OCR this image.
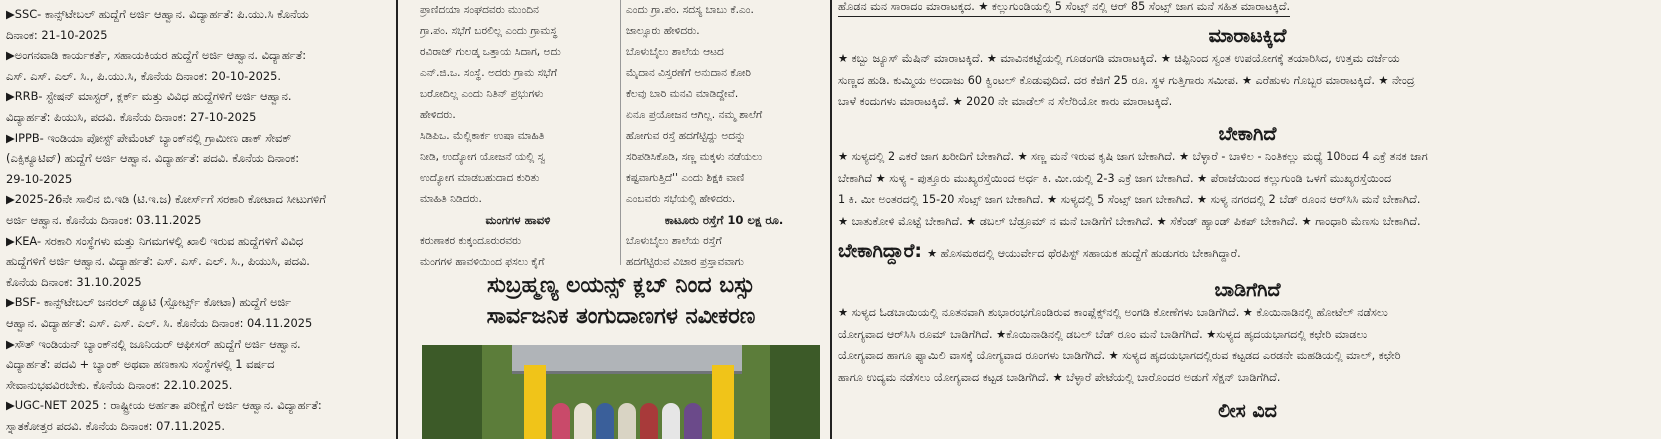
▶SSC- ಕಾನ್ಸ್‌ಟೇಬಲ್ ಹುದ್ದೆಗೆ ಅರ್ಜಿ ಆಹ್ವಾನ. ವಿದ್ಯಾರ್ಹತೆ: ಪಿ.ಯು.ಸಿ ಕೊನೆಯ
ದಿನಾಂಕ: 21-10-2025
▶ಅಂಗನವಾಡಿ ಕಾರ್ಯಕರ್ತೆ, ಸಹಾಯಕಿಯರ ಹುದ್ದೆಗೆ ಅರ್ಜಿ ಆಹ್ವಾನ. ವಿದ್ಯಾರ್ಹತೆ:
ಎಸ್. ಎಸ್. ಎಲ್. ಸಿ., ಪಿ.ಯು.ಸಿ, ಕೊನೆಯ ದಿನಾಂಕ: 20-10-2025.
▶RRB- ಸ್ಟೇಷನ್ ಮಾಸ್ಟರ್, ಕ್ಲರ್ಕ್ ಮತ್ತು ವಿವಿಧ ಹುದ್ದೆಗಳಿಗೆ ಅರ್ಜಿ ಆಹ್ವಾನ.
ವಿದ್ಯಾರ್ಹತೆ: ಪಿಯುಸಿ, ಪದವಿ. ಕೊನೆಯ ದಿನಾಂಕ: 27-10-2025
▶IPPB- ಇಂಡಿಯಾ ಪೋಸ್ಟ್ ಪೇಮೆಂಟ್ ಬ್ಯಾಂಕ್‌ನಲ್ಲಿ ಗ್ರಾಮೀಣ ಡಾಕ್ ಸೇವಕ್
(ಎಕ್ಸಿಕ್ಯೂಟಿವ್) ಹುದ್ದೆಗೆ ಅರ್ಜಿ ಆಹ್ವಾನ. ವಿದ್ಯಾರ್ಹತೆ: ಪದವಿ. ಕೊನೆಯ ದಿನಾಂಕ:
29-10-2025
▶2025-26ನೇ ಸಾಲಿನ ಬಿ.ಇಡಿ (ಟಿ.ಇ.ಜ) ಕೋರ್ಸ್‌ಗೆ ಸರಕಾರಿ ಕೋಟಾದ ಸೀಟುಗಳಿಗೆ
ಅರ್ಜಿ ಆಹ್ವಾನ. ಕೊನೆಯ ದಿನಾಂಕ: 03.11.2025
▶KEA- ಸರಕಾರಿ ಸಂಸ್ಥೆಗಳು ಮತ್ತು ನಿಗಮಗಳಲ್ಲಿ ಖಾಲಿ ಇರುವ ಹುದ್ದೆಗಳಿಗೆ ವಿವಿಧ
ಹುದ್ದೆಗಳಿಗೆ ಅರ್ಜಿ ಆಹ್ವಾನ. ವಿದ್ಯಾರ್ಹತೆ: ಎಸ್. ಎಸ್. ಎಲ್. ಸಿ., ಪಿಯುಸಿ, ಪದವಿ.
ಕೊನೆಯ ದಿನಾಂಕ: 31.10.2025
▶BSF- ಕಾನ್ಸ್‌ಟೇಬಲ್ ಜನರಲ್ ಡ್ಯೂಟಿ (ಸ್ಪೋರ್ಟ್ಸ್ ಕೋಟಾ) ಹುದ್ದೆಗೆ ಅರ್ಜಿ
ಆಹ್ವಾನ. ವಿದ್ಯಾರ್ಹತೆ: ಎಸ್. ಎಸ್. ಎಲ್. ಸಿ. ಕೊನೆಯ ದಿನಾಂಕ: 04.11.2025
▶ಸೌತ್ ಇಂಡಿಯನ್ ಬ್ಯಾಂಕ್‌ನಲ್ಲಿ ಜೂನಿಯರ್ ಆಫೀಸರ್ ಹುದ್ದೆಗೆ ಅರ್ಜಿ ಆಹ್ವಾನ.
ವಿದ್ಯಾರ್ಹತೆ: ಪದವಿ + ಬ್ಯಾಂಕ್ ಅಥವಾ ಹಣಕಾಸು ಸಂಸ್ಥೆಗಳಲ್ಲಿ 1 ವರ್ಷದ
ಸೇವಾನುಭವವಿರಬೇಕು. ಕೊನೆಯ ದಿನಾಂಕ: 22.10.2025.
▶UGC-NET 2025 : ರಾಷ್ಟ್ರೀಯ ಅರ್ಹತಾ ಪರೀಕ್ಷೆಗೆ ಅರ್ಜಿ ಆಹ್ವಾನ. ವಿದ್ಯಾರ್ಹತೆ:
ಸ್ನಾತಕೋತ್ತರ ಪದವಿ. ಕೊನೆಯ ದಿನಾಂಕ: 07.11.2025.

ಪ್ರಾಣಿದಯಾ ಸಂಘದವರು ಮುಂದಿನ

ಗ್ರಾ.ಪಂ. ಸಭೆಗೆ ಬರಲಿಲ್ಲ ಎಂದು ಗ್ರಾಮಸ್ಥ

ರವಿರಾಜ್ ಗುಲಡ್ಕ ಒತ್ತಾಯ ಸಿದಾಗ, ಅದು

ಎನ್.ಜಿ.ಒ. ಸಂಸ್ಥೆ. ಅದರು ಗ್ರಾಮ ಸಭೆಗೆ

ಬರೋದಿಲ್ಲ ಎಂದು ನಿತಿನ್ ಪ್ರಭುಗಳು

ಹೇಳಿದರು.

ಸಿಡಿಪಿಒ. ಮೆಲ್ಲಿಕಾರ್ಕ ಉಷಾ ಮಾಹಿತಿ

ನೀಡಿ, ಉದ್ಯೋಗ ಯೋಜನೆ ಯಲ್ಲಿ ಸ್ವ

ಉದ್ಯೋಗ ಮಾಡಬಹುದಾದ ಕುರಿತು

ಮಾಹಿತಿ ನಿಡಿದರು.

ಮಂಗಗಳ ಹಾವಳಿ

ಕರುಣಾಕರ ಕುಕ್ಕಂದೂರುರವರು

ಮಂಗಗಳ ಹಾವಳಿಯಿಂದ ಫಸಲು ಕೈಗೆ

ಎಂದು ಗ್ರಾ.ಪಂ. ಸದಸ್ಯ ಬಾಬು ಕೆ.ಎಂ.

ಜಾಲ್ಸೂರು ಹೇಳಿದರು.

ಬೊಳುಬೈಲು ಶಾಲೆಯ ಆಟದ

ಮೈದಾನ ವಿಸ್ತರಣೆಗೆ ಅನುದಾನ ಕೋರಿ

ಕೆಲವು ಬಾರಿ ಮನವಿ ಮಾಡಿದ್ದೇವೆ.

ಏನೂ ಪ್ರಯೋಜನ ಆಗಿಲ್ಲ. ನಮ್ಮ ಶಾಲೆಗೆ

ಹೋಗುವ ರಸ್ತೆ ಹದಗೆಟ್ಟಿದ್ದು ಅದನ್ನು

ಸರಿಪಡಿಸಿಕೊಡಿ, ಸಣ್ಣ ಮಕ್ಕಳು ನಡೆಯಲು

ಕಷ್ಟವಾಗುತ್ತಿದೆ'' ಎಂದು ಶಿಕ್ಷಕಿ ವಾಣಿ

ಎಂಬವರು ಸಭೆಯಲ್ಲಿ ಹೇಳಿದರು.

ಕಾಟೂರು ರಸ್ತೆಗೆ 10 ಲಕ್ಷ ರೂ.

ಬೊಳುಬೈಲು ಶಾಲೆಯ ರಸ್ತೆಗೆ

ಹದಗೆಟ್ಟಿರುವ ವಿಚಾರ ಪ್ರಸ್ತಾವವಾಗು

ಸುಬ್ರಹ್ಮಣ್ಯ ಲಯನ್ಸ್ ಕ್ಲಬ್ ನಿಂದ ಬಸ್ಸು
ಸಾರ್ವಜನಿಕ ತಂಗುದಾಣಗಳ ನವೀಕರಣ
ಹೊಡನ ಮನ ಸಾರಾದಂ ಮಾರಾಟಕ್ಕದ. ★ ಕಲ್ಲುಗುಂಡಿಯಲ್ಲಿ 5 ಸೆಂಟ್ಸ್ ನಲ್ಲಿ ಆರ್ 85 ಸೆಂಟ್ಸ್ ಜಾಗ ಮನೆ ಸಹಿತ ಮಾರಾಟಕ್ಕಿದೆ.
ಮಾರಾಟಕ್ಕಿದೆ

★ ಕಬ್ಬು ಜ್ಯೂಸ್ ಮೆಷಿನ್ ಮಾರಾಟಕ್ಕಿದೆ. ★ ಮಾವಿನಕಟ್ಟೆಯಲ್ಲಿ ಗೂಡಂಗಡಿ ಮಾರಾಟಕ್ಕಿದೆ. ★ ಚಿಪ್ಪಿನಿಂದ ಸ್ವಂತ ಉಪಯೋಗಕ್ಕೆ ತಯಾರಿಸಿದ, ಉತ್ತಮ ದರ್ಜೆಯ

ಸುಣ್ಣದ ಹುಡಿ. ಕುಮ್ಮಿಯ ಅಂದಾಜು 60 ಕ್ವಿಂಟಲ್ ಕೊಡುವುದಿದೆ. ದರ ಕೆಜಿಗೆ 25 ರೂ. ಸ್ಥಳ ಗುತ್ತಿಗಾರು ಸಮೀಪ. ★ ಎರೆಹುಳು ಗೊಬ್ಬರ ಮಾರಾಟಕ್ಕಿದೆ. ★ ನೇಂದ್ರ

ಬಾಳೆ ಕಂದುಗಳು ಮಾರಾಟಕ್ಕಿದೆ. ★ 2020 ನೇ ಮಾಡೆಲ್ ನ ಸೆಲೆರಿಯೋ ಕಾರು ಮಾರಾಟಕ್ಕಿದೆ.

ಬೇಕಾಗಿದೆ

★ ಸುಳ್ಯದಲ್ಲಿ 2 ಎಕರೆ ಜಾಗ ಖರೀದಿಗೆ ಬೇಕಾಗಿದೆ. ★ ಸಣ್ಣ ಮನೆ ಇರುವ ಕೃಷಿ ಜಾಗ ಬೇಕಾಗಿದೆ. ★ ಬೆಳ್ಳಾರೆ - ಬಾಳಿಲ - ನಿಂತಿಕಲ್ಲು ಮಧ್ಯೆ 10ರಿಂದ 4 ಎಕ್ರೆ ತನಕ ಜಾಗ

ಬೇಕಾಗಿದೆ ★ ಸುಳ್ಯ - ಪುತ್ತೂರು ಮುಖ್ಯರಸ್ತೆಯಿಂದ ಅರ್ಧ ಕಿ. ಮೀ.ಯಲ್ಲಿ 2-3 ಎಕ್ರೆ ಜಾಗ ಬೇಕಾಗಿದೆ. ★ ಪೆರಾಜೆಯಿಂದ ಕಲ್ಲುಗುಂಡಿ ಒಳಗೆ ಮುಖ್ಯರಸ್ತೆಯಿಂದ

1 ಕಿ. ಮೀ ಅಂತರದಲ್ಲಿ 15-20 ಸೆಂಟ್ಸ್ ಜಾಗ ಬೇಕಾಗಿದೆ. ★ ಸುಳ್ಯದಲ್ಲಿ 5 ಸೆಂಟ್ಸ್ ಜಾಗ ಬೇಕಾಗಿದೆ. ★ ಸುಳ್ಯ ನಗರದಲ್ಲಿ 2 ಬೆಡ್ ರೂಂನ ಆರ್‌ಸಿಸಿ ಮನೆ ಬೇಕಾಗಿದೆ.

★ ಬಾತುಕೋಳಿ ಮೊಟ್ಟೆ ಬೇಕಾಗಿದೆ. ★ ಡಬಲ್ ಬೆಡ್ರೂಮ್ ನ ಮನೆ ಬಾಡಿಗೆಗೆ ಬೇಕಾಗಿದೆ. ★ ಸೆಕೆಂಡ್ ಹ್ಯಾಂಡ್ ಪಿಕಪ್ ಬೇಕಾಗಿದೆ. ★ ಗಾಂಧಾರಿ ಮೆಣಸು ಬೇಕಾಗಿದೆ.

ಬೇಕಾಗಿದ್ದಾರೆ: ★ ಹೊಸಮಠದಲ್ಲಿ ಆಯುರ್ವೇದ ಥೆರಪಿಸ್ಟ್ ಸಹಾಯಕ ಹುದ್ದೆಗೆ ಹುಡುಗರು ಬೇಕಾಗಿದ್ದಾರೆ.
ಬಾಡಿಗೆಗಿದೆ

★ ಸುಳ್ಯದ ಓಡಬಾಯಿಯಲ್ಲಿ ನೂತನವಾಗಿ ಶುಭಾರಂಭಗೊಂಡಿರುವ ಕಾಂಪ್ಲೆಕ್ಸ್‌ನಲ್ಲಿ ಅಂಗಡಿ ಕೋಣೆಗಳು ಬಾಡಿಗೆಗಿದೆ. ★ ಕೊಯಿನಾಡಿನಲ್ಲಿ ಹೋಟೆಲ್ ನಡೆಸಲು

ಯೋಗ್ಯವಾದ ಆರ್‌ಸಿಸಿ ರೂಮ್ ಬಾಡಿಗೆಗಿದೆ. ★ಕೊಯಿನಾಡಿನಲ್ಲಿ ಡಬಲ್ ಬೆಡ್ ರೂಂ ಮನೆ ಬಾಡಿಗೆಗಿದೆ. ★ಸುಳ್ಯದ ಹೃದಯಭಾಗದಲ್ಲಿ ಕಛೇರಿ ಮಾಡಲು

ಯೋಗ್ಯವಾದ ಹಾಗೂ ಫ್ಯಾಮಿಲಿ ವಾಸಕ್ಕೆ ಯೋಗ್ಯವಾದ ರೂಂಗಳು ಬಾಡಿಗೆಗಿದೆ. ★ ಸುಳ್ಯದ ಹೃದಯಭಾಗದಲ್ಲಿರುವ ಕಟ್ಟಡದ ಎರಡನೇ ಮಹಡಿಯಲ್ಲಿ ಮಾಲ್, ಕಛೇರಿ

ಹಾಗೂ ಉದ್ಯಮ ನಡೆಸಲು ಯೋಗ್ಯವಾದ ಕಟ್ಟಡ ಬಾಡಿಗೆಗಿದೆ. ★ ಬೆಳ್ಳಾರೆ ಪೇಟೆಯಲ್ಲಿ ಬಾರೊಂದರ ಅಡುಗೆ ಸೆಕ್ಷನ್ ಬಾಡಿಗೆಗಿದೆ.

ಲೀಸ ವಿದ
